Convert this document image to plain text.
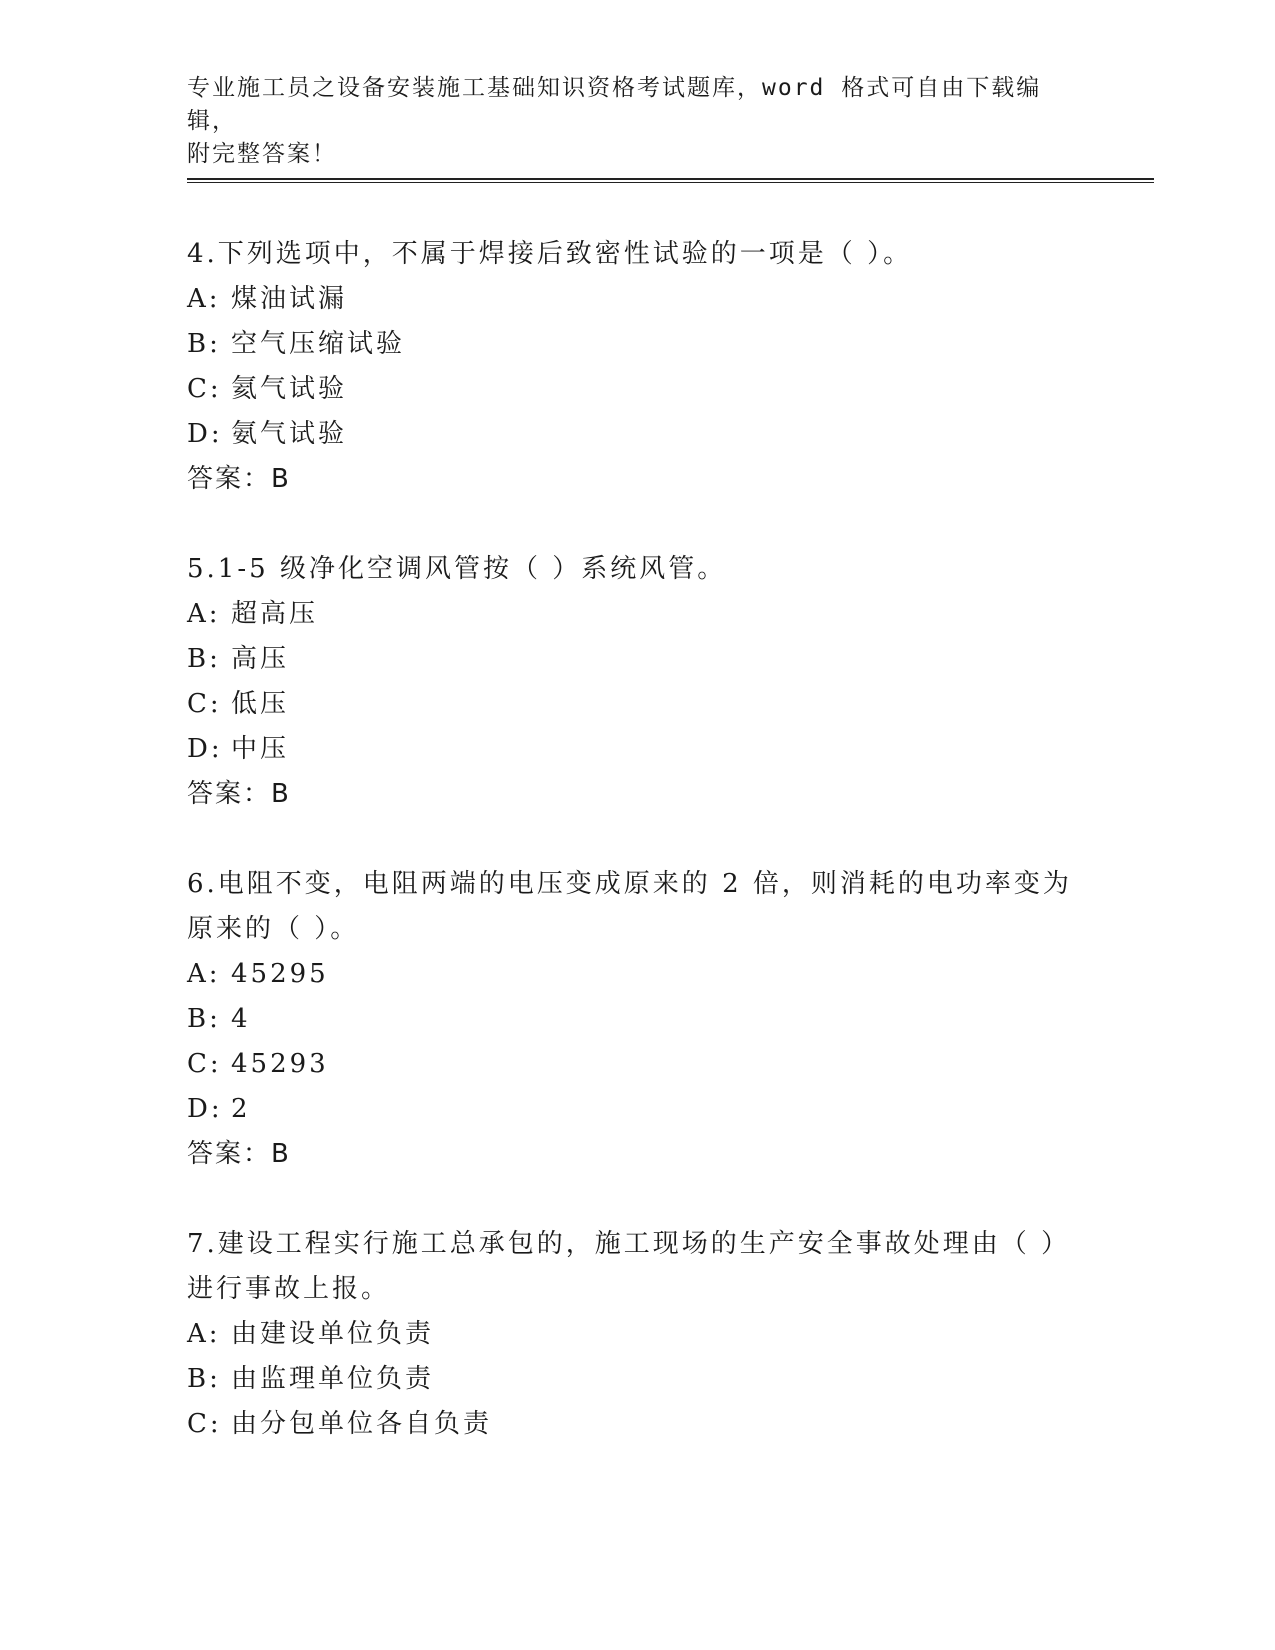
专业施工员之设备安装施工基础知识资格考试题库，word 格式可自由下载编辑，
附完整答案！
4.下列选项中，不属于焊接后致密性试验的一项是（ ）。
A: 煤油试漏
B: 空气压缩试验
C: 氦气试验
D: 氨气试验
答案：B
5.1-5 级净化空调风管按（ ）系统风管。
A: 超高压
B: 高压
C: 低压
D: 中压
答案：B
6.电阻不变，电阻两端的电压变成原来的 2 倍，则消耗的电功率变为原来的（ ）。
A: 45295
B: 4
C: 45293
D: 2
答案：B
7.建设工程实行施工总承包的，施工现场的生产安全事故处理由（ ）进行事故上报。
A: 由建设单位负责
B: 由监理单位负责
C: 由分包单位各自负责
